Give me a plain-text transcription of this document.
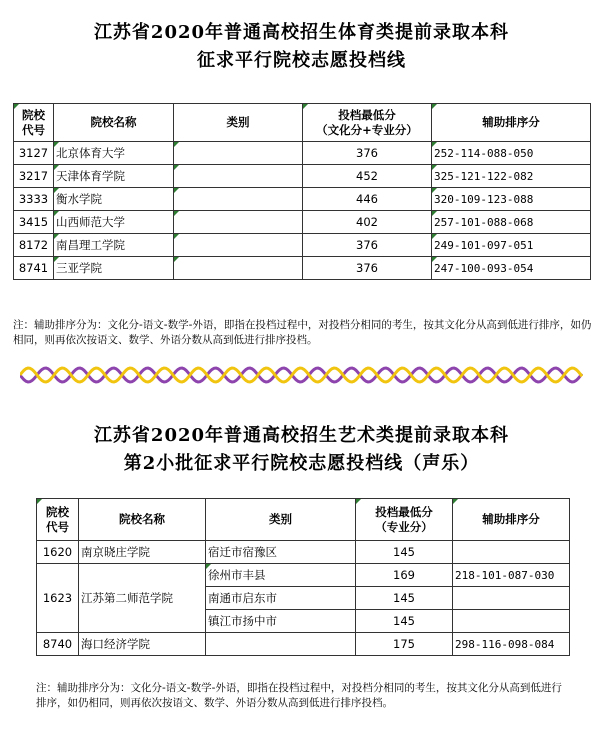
江苏省2020年普通高校招生体育类提前录取本科
征求平行院校志愿投档线
院校
代号	院校名称	类别	投档最低分
（文化分+专业分）	辅助排序分
3127	北京体育大学		376	252-114-088-050
3217	天津体育学院		452	325-121-122-082
3333	衡水学院		446	320-109-123-088
3415	山西师范大学		402	257-101-088-068
8172	南昌理工学院		376	249-101-097-051
8741	三亚学院		376	247-100-093-054
注：辅助排序分为：文化分-语文-数学-外语，即指在投档过程中，对投档分相同的考生，按其文化分从高到低进行排序，如仍相同，则再依次按语文、数学、外语分数从高到低进行排序投档。
江苏省2020年普通高校招生艺术类提前录取本科
第2小批征求平行院校志愿投档线（声乐）
院校
代号	院校名称	类别	投档最低分
（专业分）	辅助排序分
1620	南京晓庄学院	宿迁市宿豫区	145	
1623	江苏第二师范学院	徐州市丰县	169	218-101-087-030
		南通市启东市	145	
		镇江市扬中市	145	
8740	海口经济学院		175	298-116-098-084
注：辅助排序分为：文化分-语文-数学-外语，即指在投档过程中，对投档分相同的考生，按其文化分从高到低进行排序，如仍相同，则再依次按语文、数学、外语分数从高到低进行排序投档。
